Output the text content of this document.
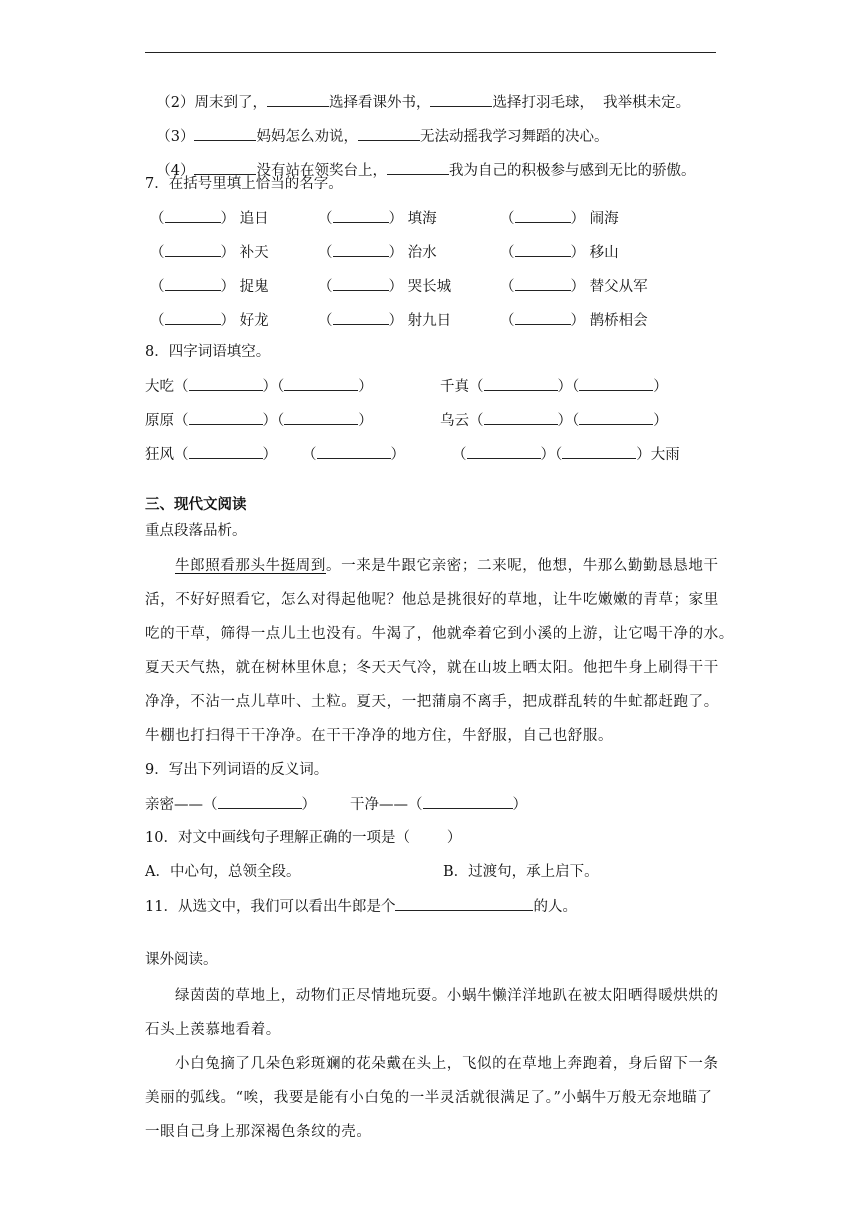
（2）周末到了，	选择看课外书，	选择打羽毛球，  我举棋未定。

（3）	妈妈怎么劝说，	无法动摇我学习舞蹈的决心。

（4）	没有站在领奖台上，	我为自己的积极参与感到无比的骄傲。

7．在括号里填上恰当的名字。
（	） 追日	（	） 填海	（	） 闹海
（	） 补天	（	） 治水	（	） 移山
（	） 捉鬼	（	） 哭长城	（	） 替父从军
（	） 好龙	（	） 射九日	（	） 鹊桥相会
8．四字词语填空。
大吃（	）（	）	千真（	）（	）
原原（	）（	）	乌云（	）（	）
狂风（	） （	）	（	）（	）大雨
三、现代文阅读
重点段落品析。
牛郎照看那头牛挺周到。一来是牛跟它亲密；二来呢，他想，牛那么勤勤恳恳地干
活，不好好照看它，怎么对得起他呢？他总是挑很好的草地，让牛吃嫩嫩的青草；家里
吃的干草，筛得一点儿土也没有。牛渴了，他就牵着它到小溪的上游，让它喝干净的水。
夏天天气热，就在树林里休息；冬天天气冷，就在山坡上晒太阳。他把牛身上刷得干干
净净，不沾一点儿草叶、土粒。夏天，一把蒲扇不离手，把成群乱转的牛虻都赶跑了。
牛棚也打扫得干干净净。在干干净净的地方住，牛舒服，自己也舒服。
9．写出下列词语的反义词。
亲密——（	） 干净——（	）
10．对文中画线句子理解正确的一项是（        ）
A．中心句，总领全段。	B．过渡句，承上启下。
11．从选文中，我们可以看出牛郎是个	的人。
课外阅读。
绿茵茵的草地上，动物们正尽情地玩耍。小蜗牛懒洋洋地趴在被太阳晒得暖烘烘的
石头上羡慕地看着。
小白兔摘了几朵色彩斑斓的花朵戴在头上，飞似的在草地上奔跑着，身后留下一条
美丽的弧线。“唉，我要是能有小白兔的一半灵活就很满足了。”小蜗牛万般无奈地瞄了
一眼自己身上那深褐色条纹的壳。
